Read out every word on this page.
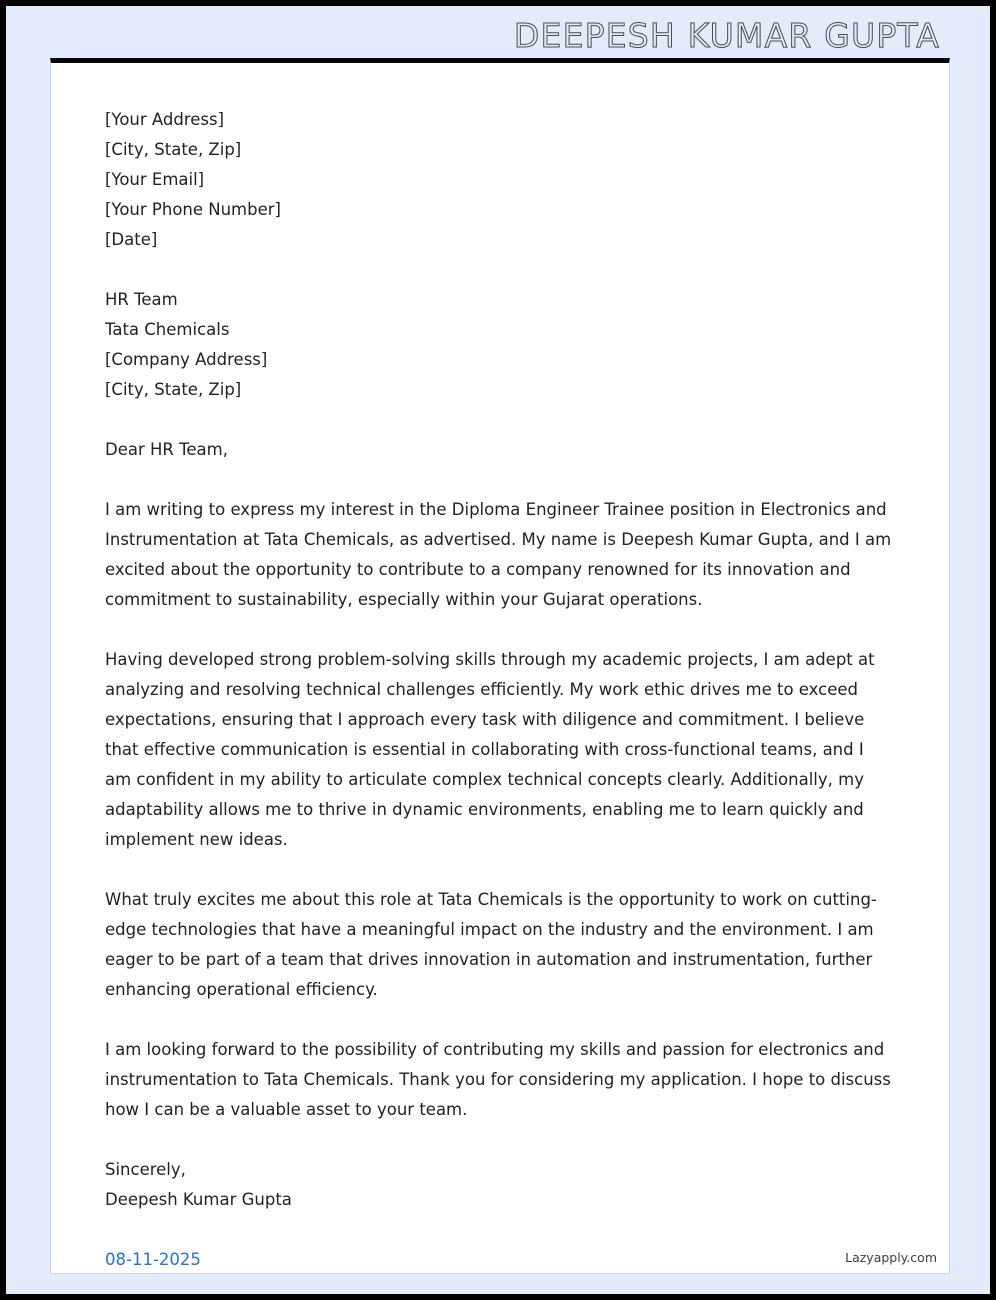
DEEPESH KUMAR GUPTA
[Your Address]
[City, State, Zip]
[Your Email]
[Your Phone Number]
[Date]
HR Team
Tata Chemicals
[Company Address]
[City, State, Zip]

Dear HR Team,

I am writing to express my interest in the Diploma Engineer Trainee position in Electronics and Instrumentation at Tata Chemicals, as advertised. My name is Deepesh Kumar Gupta, and I am excited about the opportunity to contribute to a company renowned for its innovation and commitment to sustainability, especially within your Gujarat operations.

Having developed strong problem-solving skills through my academic projects, I am adept at analyzing and resolving technical challenges efficiently. My work ethic drives me to exceed expectations, ensuring that I approach every task with diligence and commitment. I believe that effective communication is essential in collaborating with cross-functional teams, and I am confident in my ability to articulate complex technical concepts clearly. Additionally, my adaptability allows me to thrive in dynamic environments, enabling me to learn quickly and implement new ideas.

What truly excites me about this role at Tata Chemicals is the opportunity to work on cutting-edge technologies that have a meaningful impact on the industry and the environment. I am eager to be part of a team that drives innovation in automation and instrumentation, further enhancing operational efficiency.

I am looking forward to the possibility of contributing my skills and passion for electronics and instrumentation to Tata Chemicals. Thank you for considering my application. I hope to discuss how I can be a valuable asset to your team.

Sincerely,
Deepesh Kumar Gupta
08-11-2025	Lazyapply.com
